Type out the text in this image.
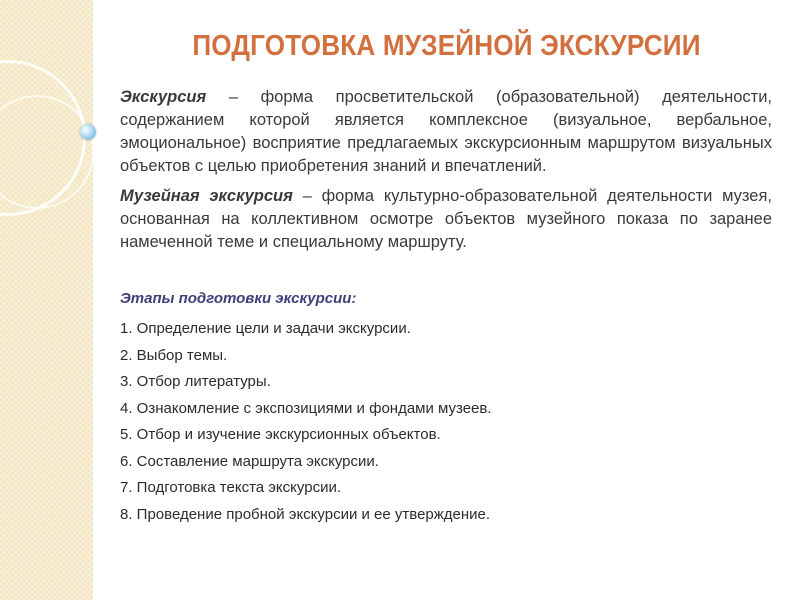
ПОДГОТОВКА МУЗЕЙНОЙ ЭКСКУРСИИ

Экскурсия – форма просветительской (образовательной) деятельности, содержанием которой является комплексное (визуальное, вербальное, эмоциональное) восприятие предлагаемых экскурсионным маршрутом визуальных объектов с целью приобретения знаний и впечатлений.

Музейная экскурсия – форма культурно-образовательной деятельности музея, основанная на коллективном осмотре объектов музейного показа по заранее намеченной теме и специальному маршруту.

Этапы подготовки экскурсии:
1. Определение цели и задачи экскурсии.
2. Выбор темы.
3. Отбор литературы.
4. Ознакомление с экспозициями и фондами музеев.
5. Отбор и изучение экскурсионных объектов.
6. Составление маршрута экскурсии.
7. Подготовка текста экскурсии.
8. Проведение пробной экскурсии и ее утверждение.
